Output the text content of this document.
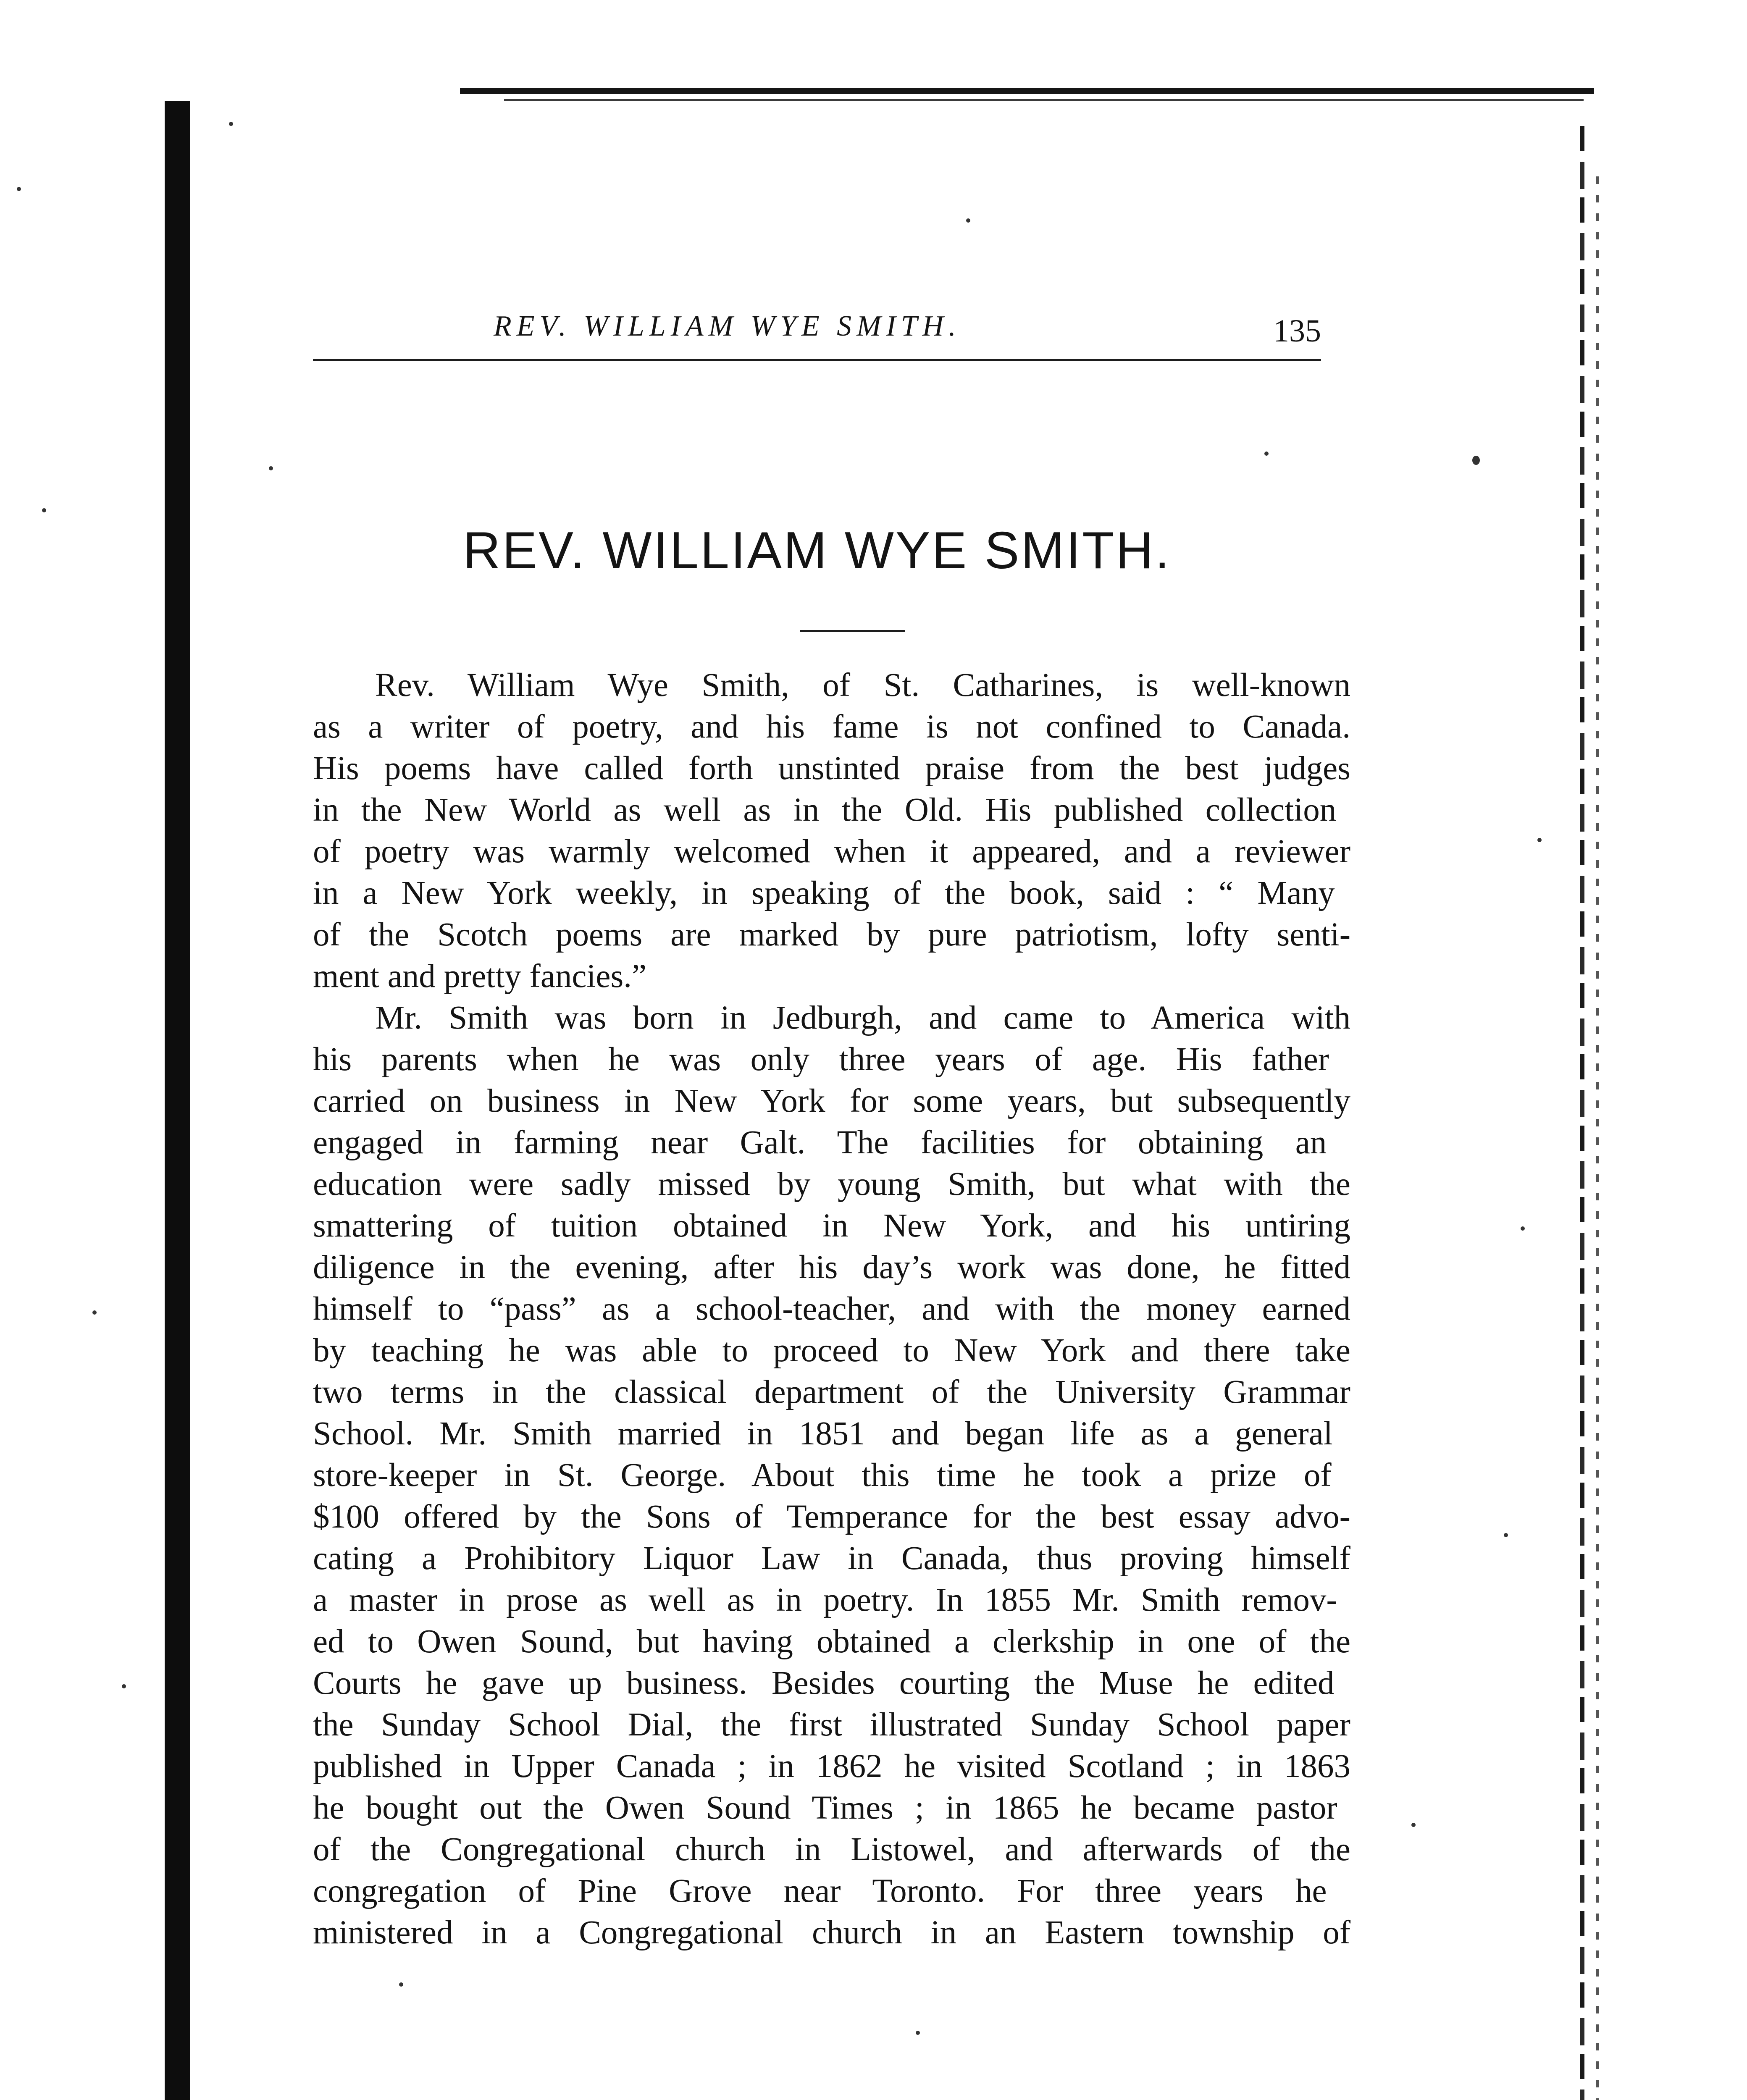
REV. WILLIAM WYE SMITH.	135
REV. WILLIAM WYE SMITH.
Rev. William Wye Smith, of St. Catharines, is well-known
as a writer of poetry, and his fame is not confined to Canada.
His poems have called forth unstinted praise from the best judges
in the New World as well as in the Old. His published collection
of poetry was warmly welcomed when it appeared, and a reviewer
in a New York weekly, in speaking of the book, said : “ Many
of the Scotch poems are marked by pure patriotism, lofty senti-
ment and pretty fancies.”
Mr. Smith was born in Jedburgh, and came to America with
his parents when he was only three years of age. His father
carried on business in New York for some years, but subsequently
engaged in farming near Galt. The facilities for obtaining an
education were sadly missed by young Smith, but what with the
smattering of tuition obtained in New York, and his untiring
diligence in the evening, after his day’s work was done, he fitted
himself to “pass” as a school-teacher, and with the money earned
by teaching he was able to proceed to New York and there take
two terms in the classical department of the University Grammar
School. Mr. Smith married in 1851 and began life as a general
store-keeper in St. George. About this time he took a prize of
$100 offered by the Sons of Temperance for the best essay advo-
cating a Prohibitory Liquor Law in Canada, thus proving himself
a master in prose as well as in poetry. In 1855 Mr. Smith remov-
ed to Owen Sound, but having obtained a clerkship in one of the
Courts he gave up business. Besides courting the Muse he edited
the Sunday School Dial, the first illustrated Sunday School paper
published in Upper Canada ; in 1862 he visited Scotland ; in 1863
he bought out the Owen Sound Times ; in 1865 he became pastor
of the Congregational church in Listowel, and afterwards of the
congregation of Pine Grove near Toronto. For three years he
ministered in a Congregational church in an Eastern township of
